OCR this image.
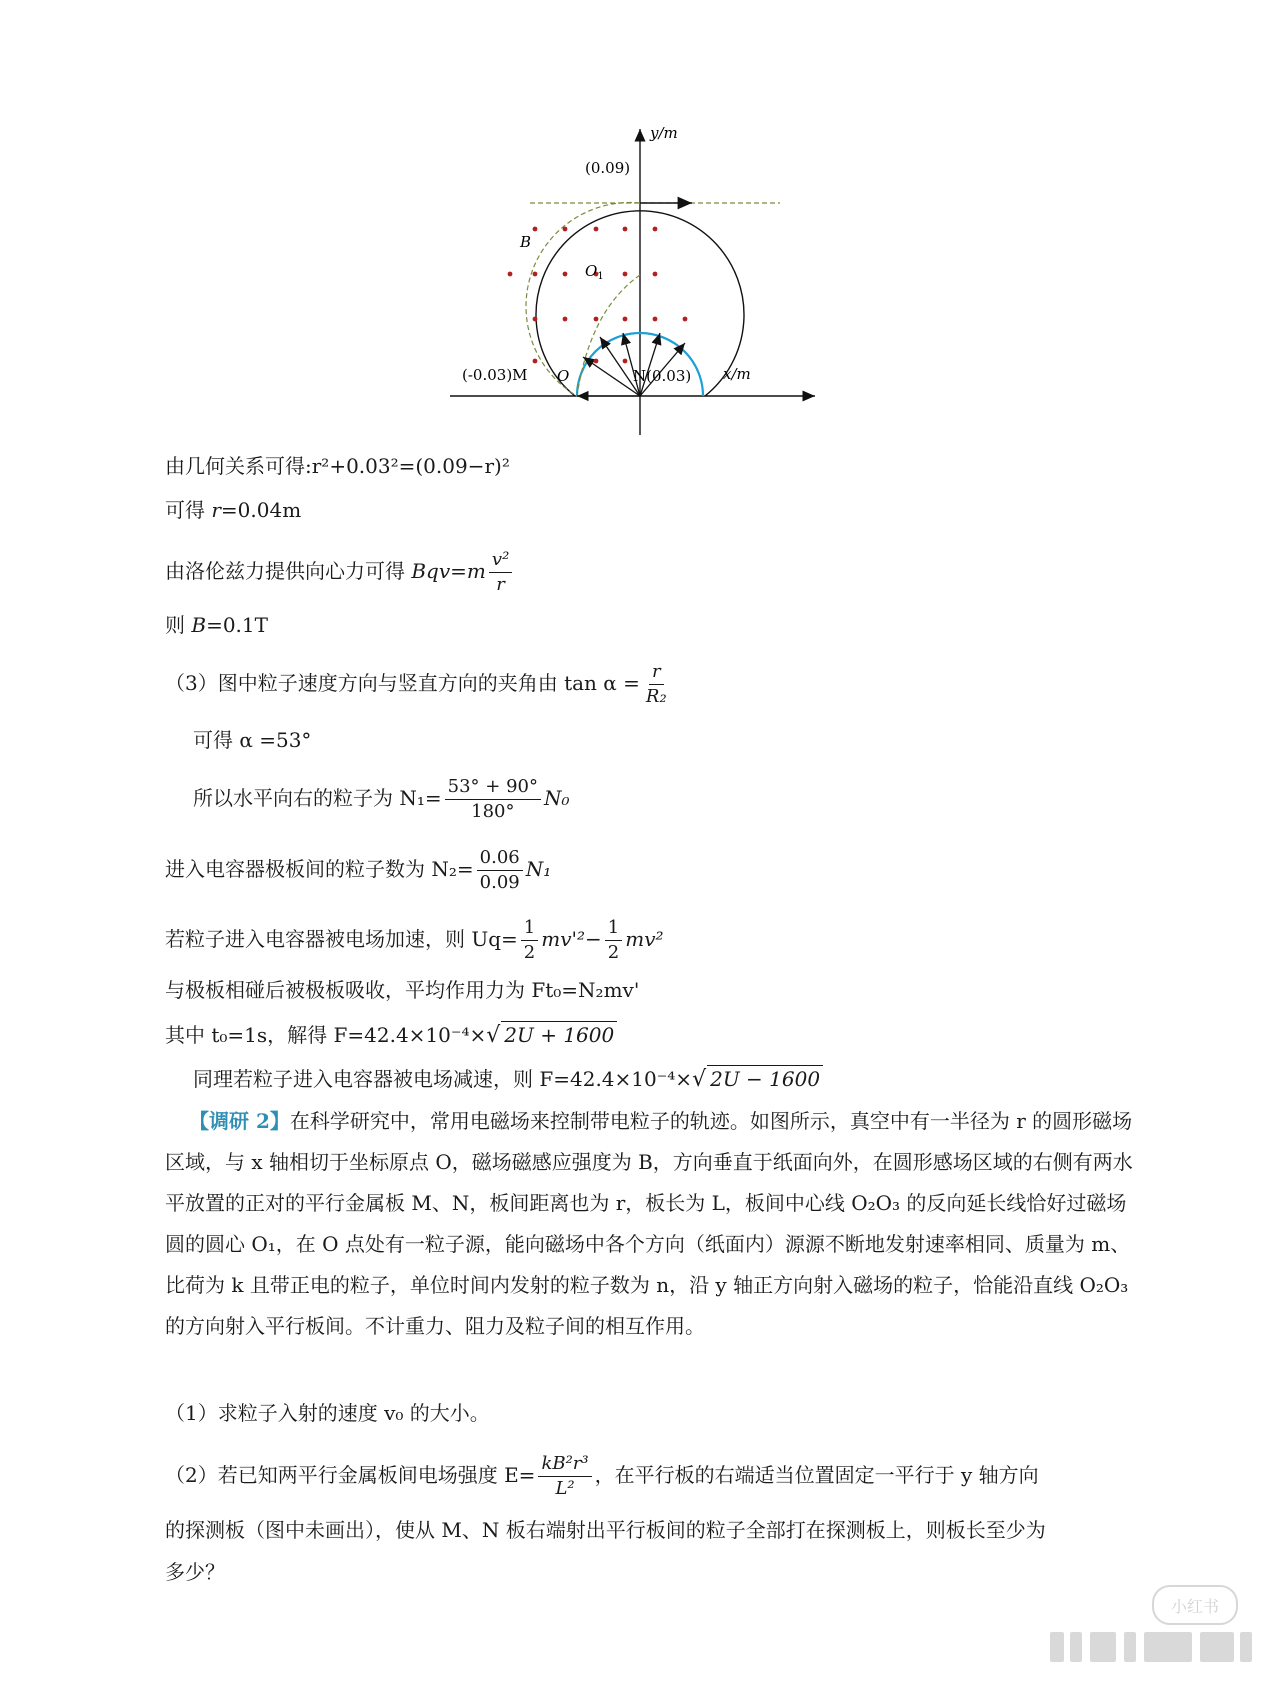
y/m
(0.09)
B
$O_1$
(-0.03)M O	N(0.03) x/m
由几何关系可得:r²+0.03²=(0.09−r)²
可得 r=0.04m
由洛伦兹力提供向心力可得 $Bqv=m \frac{\text{v²}}{r}$
则 B=0.1T
（3）图中粒子速度方向与竖直方向的夹角由 $\tan \alpha = \frac{r}{\text{R₂}}$
可得 α =53°
所以水平向右的粒子为 $N_1= \frac{53^\circ + 90^\circ}{180^\circ} N_0$
进入电容器极板间的粒子数为 $N_2= \frac{0.06}{0.09} N_1$
若粒子进入电容器被电场加速，则 $Uq= \frac{1}{2} mv'^2- \frac{1}{2} mv^2$
与极板相碰后被极板吸收，平均作用力为 Ft₀=N₂mv'
其中 t₀=1s，解得 F=42.4×10⁻⁴×√ 2U + 1600
同理若粒子进入电容器被电场减速，则 F=42.4×10⁻⁴×√ 2U − 1600
【调研 2】在科学研究中，常用电磁场来控制带电粒子的轨迹。如图所示，真空中有一半径为 r 的圆形磁场区域，与 x 轴相切于坐标原点 O，磁场磁感应强度为 B，方向垂直于纸面向外，在圆形感场区域的右侧有两水平放置的正对的平行金属板 M、N，板间距离也为 r，板长为 L，板间中心线 O₂O₃ 的反向延长线恰好过磁场圆的圆心 O₁，在 O 点处有一粒子源，能向磁场中各个方向（纸面内）源源不断地发射速率相同、质量为 m、比荷为 k 且带正电的粒子，单位时间内发射的粒子数为 n，沿 y 轴正方向射入磁场的粒子，恰能沿直线 O₂O₃ 的方向射入平行板间。不计重力、阻力及粒子间的相互作用。
（1）求粒子入射的速度 v₀ 的大小。
（2）若已知两平行金属板间电场强度 $E= \frac{\text{kB²r³}}{\text{L²}}$ ，在平行板的右端适当位置固定一平行于 y 轴方向
的探测板（图中未画出），使从 M、N 板右端射出平行板间的粒子全部打在探测板上，则板长至少为
多少？
小红书
